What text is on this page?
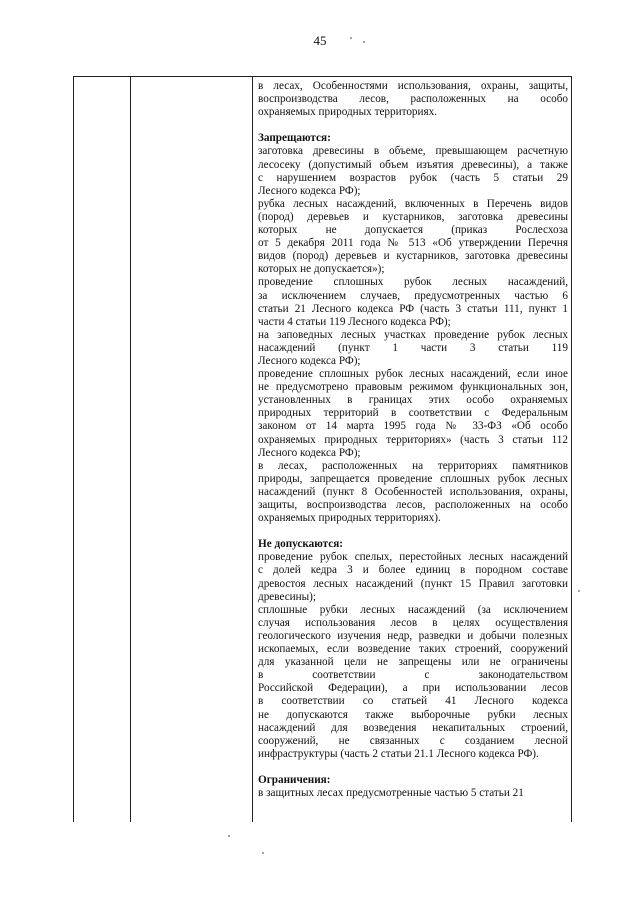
45
в лесах, Особенностями использования, охраны, защиты,
воспроизводства лесов, расположенных на особо
охраняемых природных территориях.
Запрещаются:
заготовка древесины в объеме, превышающем расчетную
лесосеку (допустимый объем изъятия древесины), а также
с нарушением возрастов рубок (часть 5 статьи 29
Лесного кодекса РФ);
рубка лесных насаждений, включенных в Перечень видов
(пород) деревьев и кустарников, заготовка древесины
которых не допускается (приказ Рослесхоза
от 5 декабря 2011 года № 513 «Об утверждении Перечня
видов (пород) деревьев и кустарников, заготовка древесины
которых не допускается»);
проведение сплошных рубок лесных насаждений,
за исключением случаев, предусмотренных частью 6
статьи 21 Лесного кодекса РФ (часть 3 статьи 111, пункт 1
части 4 статьи 119 Лесного кодекса РФ);
на заповедных лесных участках проведение рубок лесных
насаждений (пункт 1 части 3 статьи 119
Лесного кодекса РФ);
проведение сплошных рубок лесных насаждений, если иное
не предусмотрено правовым режимом функциональных зон,
установленных в границах этих особо охраняемых
природных территорий в соответствии с Федеральным
законом от 14 марта 1995 года № 33-ФЗ «Об особо
охраняемых природных территориях» (часть 3 статьи 112
Лесного кодекса РФ);
в лесах, расположенных на территориях памятников
природы, запрещается проведение сплошных рубок лесных
насаждений (пункт 8 Особенностей использования, охраны,
защиты, воспроизводства лесов, расположенных на особо
охраняемых природных территориях).
Не допускаются:
проведение рубок спелых, перестойных лесных насаждений
с долей кедра 3 и более единиц в породном составе
древостоя лесных насаждений (пункт 15 Правил заготовки
древесины);
сплошные рубки лесных насаждений (за исключением
случая использования лесов в целях осуществления
геологического изучения недр, разведки и добычи полезных
ископаемых, если возведение таких строений, сооружений
для указанной цели не запрещены или не ограничены
в соответствии с законодательством
Российской Федерации), а при использовании лесов
в соответствии со статьей 41 Лесного кодекса
не допускаются также выборочные рубки лесных
насаждений для возведения некапитальных строений,
сооружений, не связанных с созданием лесной
инфраструктуры (часть 2 статьи 21.1 Лесного кодекса РФ).
Ограничения:
в защитных лесах предусмотренные частью 5 статьи 21
